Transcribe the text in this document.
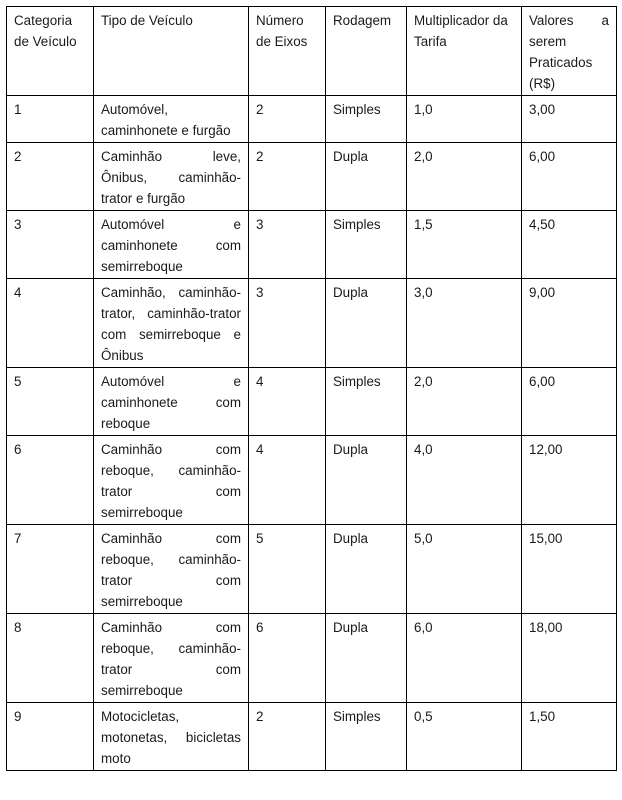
Categoria de Veículo	Tipo de Veículo	Número de Eixos	Rodagem	Multiplicador da Tarifa	Valores a serem Praticados (R$)
1	Automóvel, caminhonete e furgão	2	Simples	1,0	3,00
2	Caminhão leve, Ônibus, caminhão-trator e furgão	2	Dupla	2,0	6,00
3	Automóvel e caminhonete com semirreboque	3	Simples	1,5	4,50
4	Caminhão, caminhão-trator, caminhão-trator com semirreboque e Ônibus	3	Dupla	3,0	9,00
5	Automóvel e caminhonete com reboque	4	Simples	2,0	6,00
6	Caminhão com reboque, caminhão-trator com semirreboque	4	Dupla	4,0	12,00
7	Caminhão com reboque, caminhão-trator com semirreboque	5	Dupla	5,0	15,00
8	Caminhão com reboque, caminhão-trator com semirreboque	6	Dupla	6,0	18,00
9	Motocicletas, motonetas, bicicletas moto	2	Simples	0,5	1,50
